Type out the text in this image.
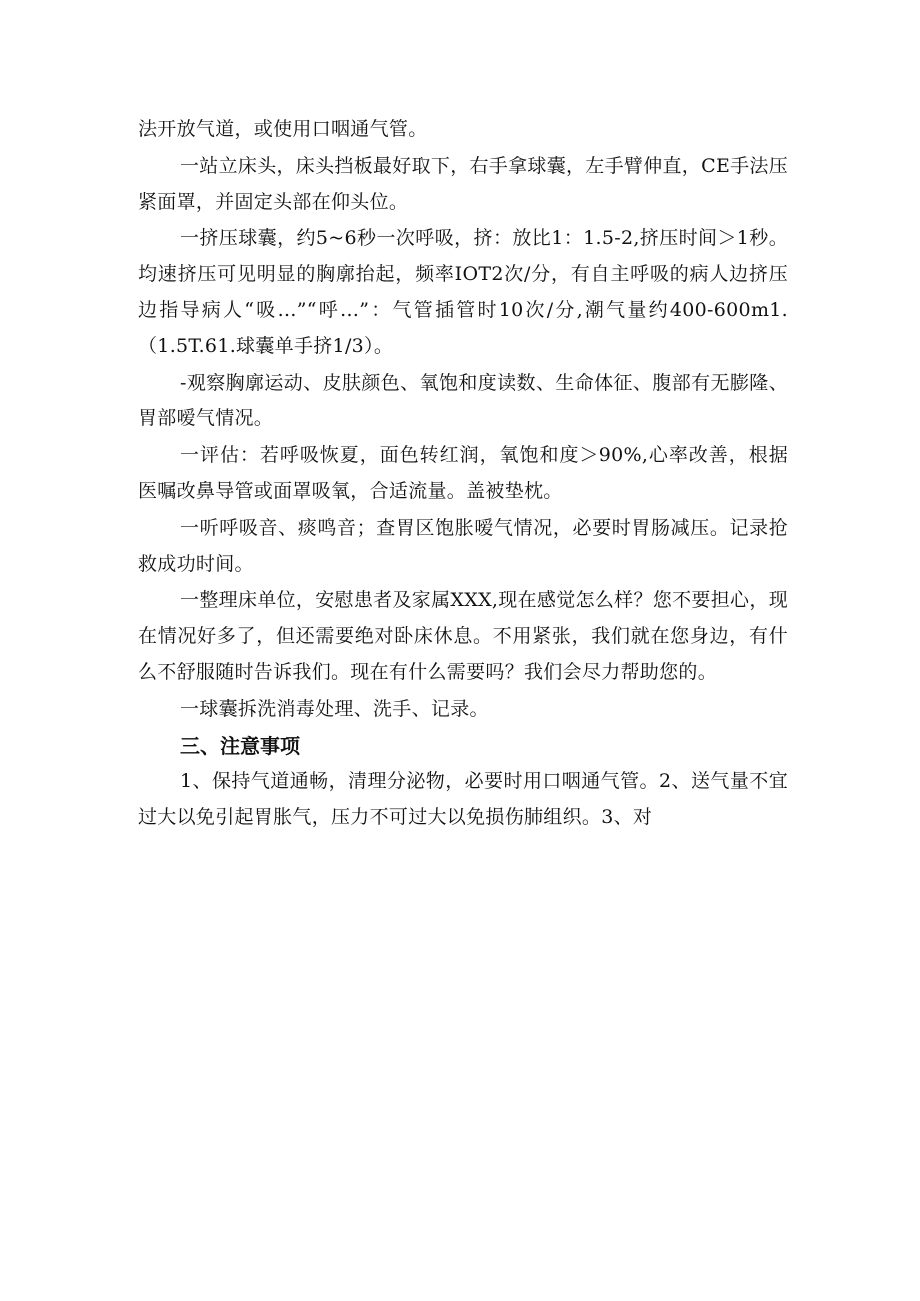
法开放气道，或使用口咽通气管。

一站立床头，床头挡板最好取下，右手拿球囊，左手臂伸直，CE手法压紧面罩，并固定头部在仰头位。

一挤压球囊，约5~6秒一次呼吸，挤：放比1：1.5-2,挤压时间＞1秒。均速挤压可见明显的胸廓抬起，频率IOT2次/分，有自主呼吸的病人边挤压边指导病人“吸…”“呼…”：气管插管时10次/分,潮气量约400-600m1.（1.5T.61.球囊单手挤1/3）。

-观察胸廓运动、皮肤颜色、氧饱和度读数、生命体征、腹部有无膨隆、胃部嗳气情况。

一评估：若呼吸恢夏，面色转红润，氧饱和度＞90%,心率改善，根据医嘱改鼻导管或面罩吸氧，合适流量。盖被垫枕。

一听呼吸音、痰鸣音；查胃区饱胀嗳气情况，必要时胃肠减压。记录抢救成功时间。

一整理床单位，安慰患者及家属XXX,现在感觉怎么样？您不要担心，现在情况好多了，但还需要绝对卧床休息。不用紧张，我们就在您身边，有什么不舒服随时告诉我们。现在有什么需要吗？我们会尽力帮助您的。

一球囊拆洗消毒处理、洗手、记录。

三、注意事项

1、保持气道通畅，清理分泌物，必要时用口咽通气管。2、送气量不宜过大以免引起胃胀气，压力不可过大以免损伤肺组织。3、对
